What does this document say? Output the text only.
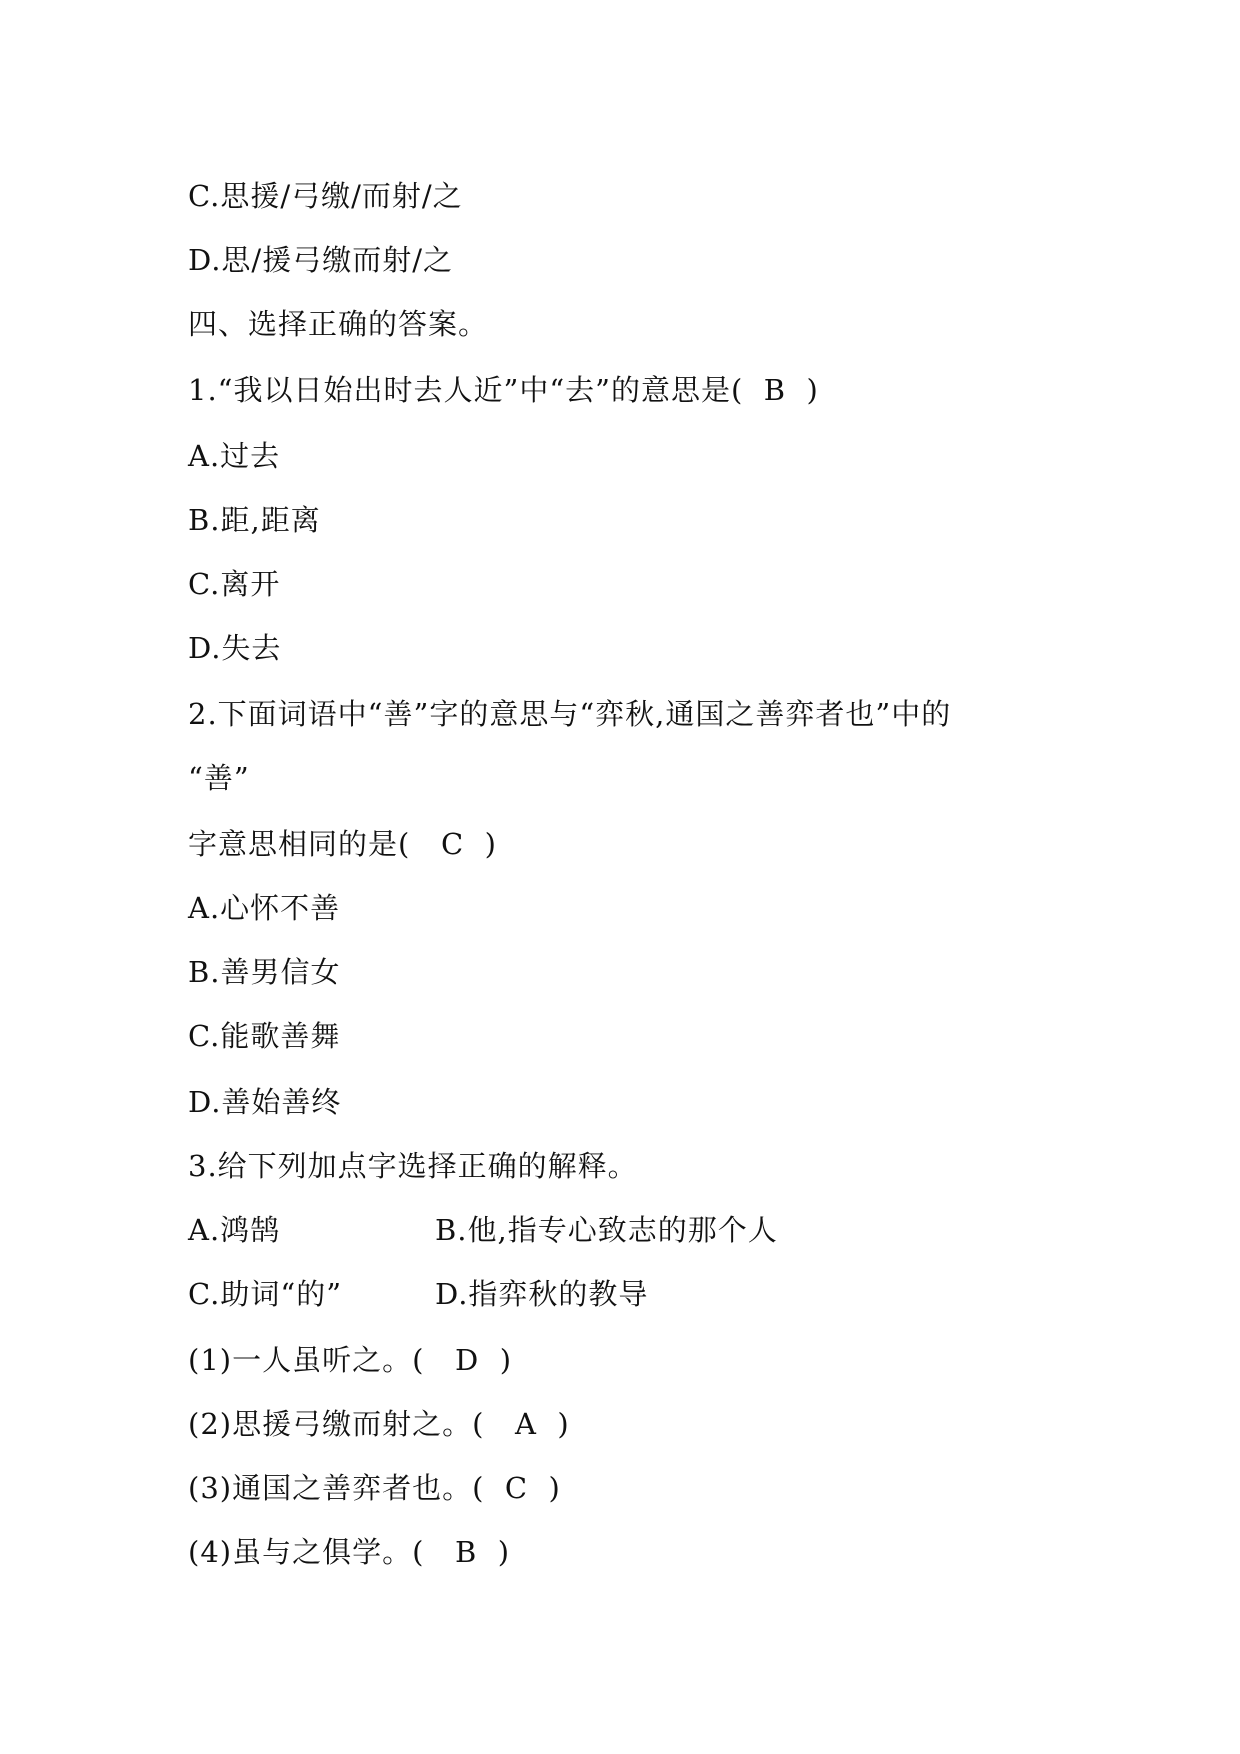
C.思援/弓缴/而射/之
D.思/援弓缴而射/之
四、选择正确的答案。
1.“我以日始出时去人近”中“去”的意思是(  B  )
A.过去
B.距,距离
C.离开
D.失去
2.下面词语中“善”字的意思与“弈秋,通国之善弈者也”中的
“善”
字意思相同的是(   C  )
A.心怀不善
B.善男信女
C.能歌善舞
D.善始善终
3.给下列加点字选择正确的解释。
A.鸿鹄	B.他,指专心致志的那个人
C.助词“的”	D.指弈秋的教导
(1)一人虽听之。(   D  )
(2)思援弓缴而射之。(   A  )
(3)通国之善弈者也。(  C  )
(4)虽与之俱学。(   B  )
